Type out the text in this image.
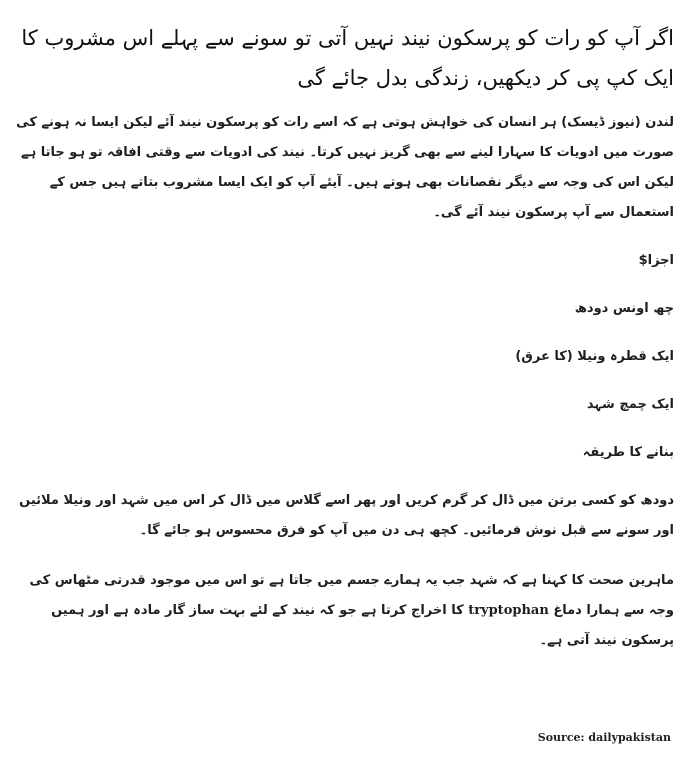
اگر آپ کو رات کو پرسکون نیند نہیں آتی تو سونے سے پہلے اس مشروب کا ایک کپ پی کر دیکھیں، زندگی بدل جائے گی

لندن (نیوز ڈیسک) ہر انسان کی خواہش ہوتی ہے کہ اسے رات کو پرسکون نیند آئے لیکن ایسا نہ ہونے کی صورت میں ادویات کا سہارا لینے سے بھی گریز نہیں کرتا۔ نیند کی ادویات سے وقتی افاقہ تو ہو جاتا ہے لیکن اس کی وجہ سے دیگر نقصانات بھی ہوتے ہیں۔ آیئے آپ کو ایک ایسا مشروب بتاتے ہیں جس کے استعمال سے آپ پرسکون نیند آئے گی۔

اجزا$

چھ اونس دودھ

ایک قطرہ ونیلا (کا عرق)

ایک چمچ شہد

بنانے کا طریقہ

دودھ کو کسی برتن میں ڈال کر گرم کریں اور پھر اسے گلاس میں ڈال کر اس میں شہد اور ونیلا ملائیں اور سونے سے قبل نوش فرمائیں۔ کچھ ہی دن میں آپ کو فرق محسوس ہو جائے گا۔

ماہرین صحت کا کہنا ہے کہ شہد جب یہ ہمارے جسم میں جاتا ہے تو اس میں موجود قدرتی مٹھاس کی وجہ سے ہمارا دماغ tryptophan کا اخراج کرتا ہے جو کہ نیند کے لئے بہت ساز گار مادہ ہے اور ہمیں پرسکون نیند آتی ہے۔

Source: dailypakistan
